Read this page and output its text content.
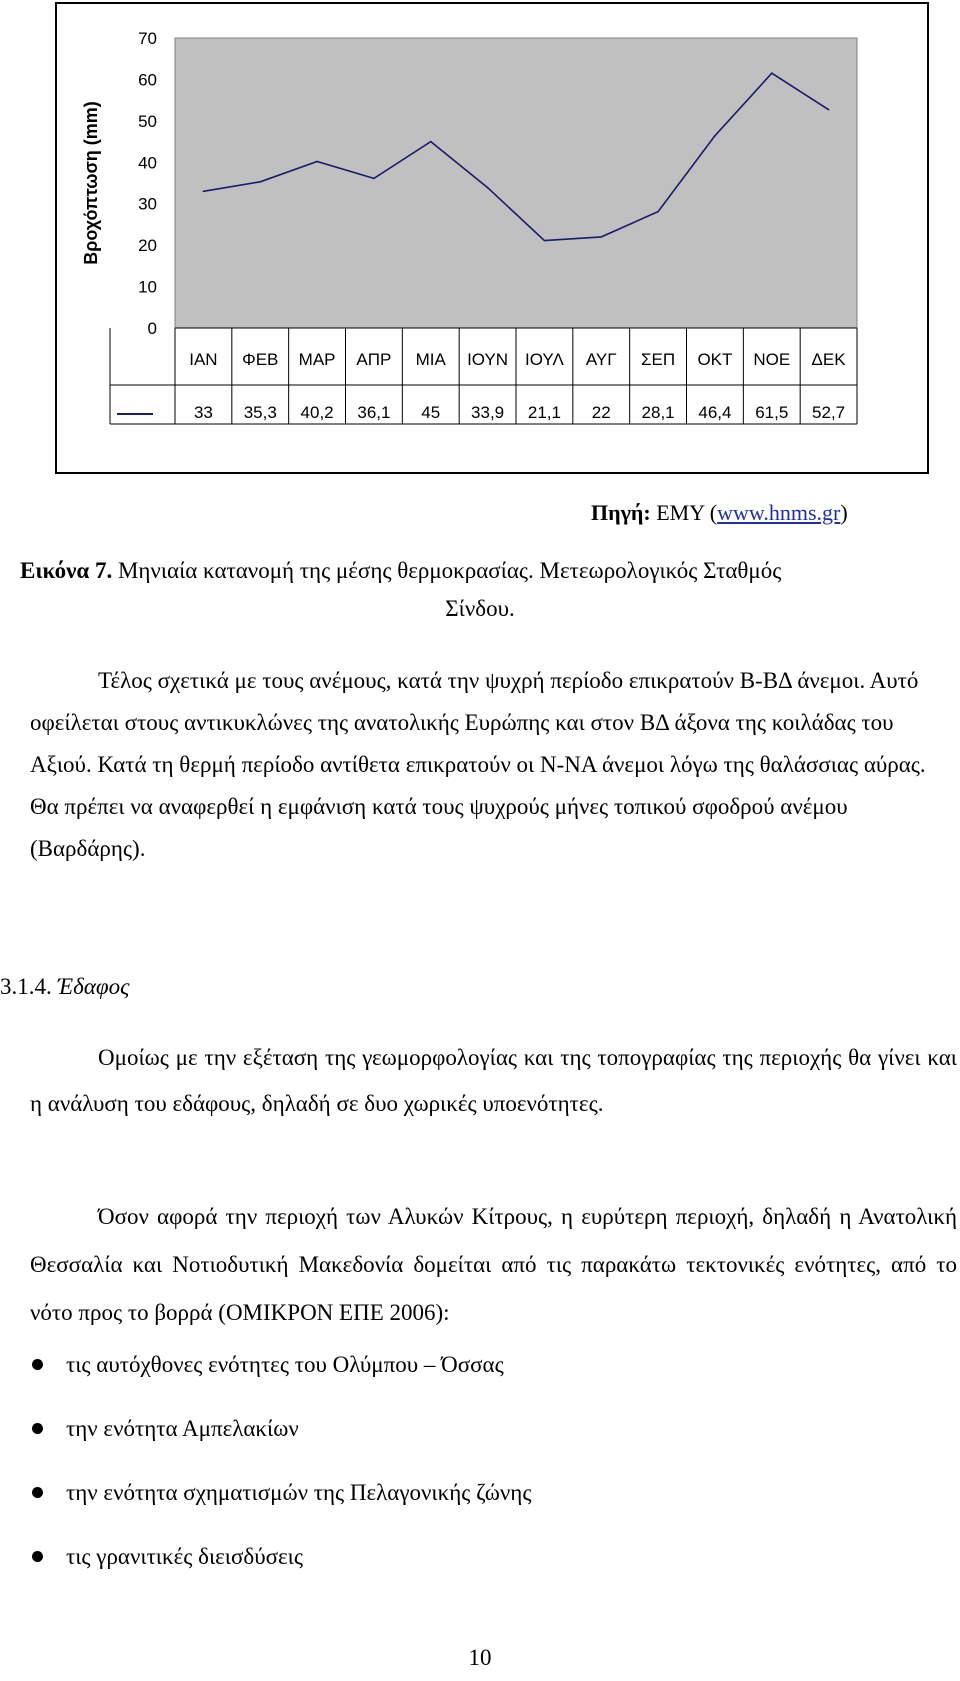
Βροχόπτωση (mm)
70
60
50
40
30
20
10
0
ΙΑΝ ΦΕΒ ΜΑΡ ΑΠΡ ΜΙΑ ΙΟΥΝ ΙΟΥΛ ΑΥΓ ΣΕΠ ΟΚΤ ΝΟΕ ΔΕΚ
33 35,3 40,2 36,1 45 33,9 21,1 22 28,1 46,4 61,5 52,7
Πηγή: ΕΜΥ (www.hnms.gr)
Εικόνα 7. Μηνιαία κατανομή της μέσης θερμοκρασίας. Μετεωρολογικός Σταθμός
Σίνδου.

Τέλος σχετικά με τους ανέμους, κατά την ψυχρή περίοδο επικρατούν Β-ΒΔ άνεμοι. Αυτό οφείλεται στους αντικυκλώνες της ανατολικής Ευρώπης και στον ΒΔ άξονα της κοιλάδας του Αξιού. Κατά τη θερμή περίοδο αντίθετα επικρατούν οι Ν-ΝΑ άνεμοι λόγω της θαλάσσιας αύρας. Θα πρέπει να αναφερθεί η εμφάνιση κατά τους ψυχρούς μήνες τοπικού σφοδρού ανέμου (Βαρδάρης).

3.1.4. Έδαφος

Ομοίως με την εξέταση της γεωμορφολογίας και της τοπογραφίας της περιοχής θα γίνει και η ανάλυση του εδάφους, δηλαδή σε δυο χωρικές υποενότητες.

Όσον αφορά την περιοχή των Αλυκών Κίτρους, η ευρύτερη περιοχή, δηλαδή η Ανατολική Θεσσαλία και Νοτιοδυτική Μακεδονία δομείται από τις παρακάτω τεκτονικές ενότητες, από το νότο προς το βορρά (ΟΜΙΚΡΟΝ ΕΠΕ 2006):

τις αυτόχθονες ενότητες του Ολύμπου – Όσσας
την ενότητα Αμπελακίων
την ενότητα σχηματισμών της Πελαγονικής ζώνης
τις γρανιτικές διεισδύσεις
10
